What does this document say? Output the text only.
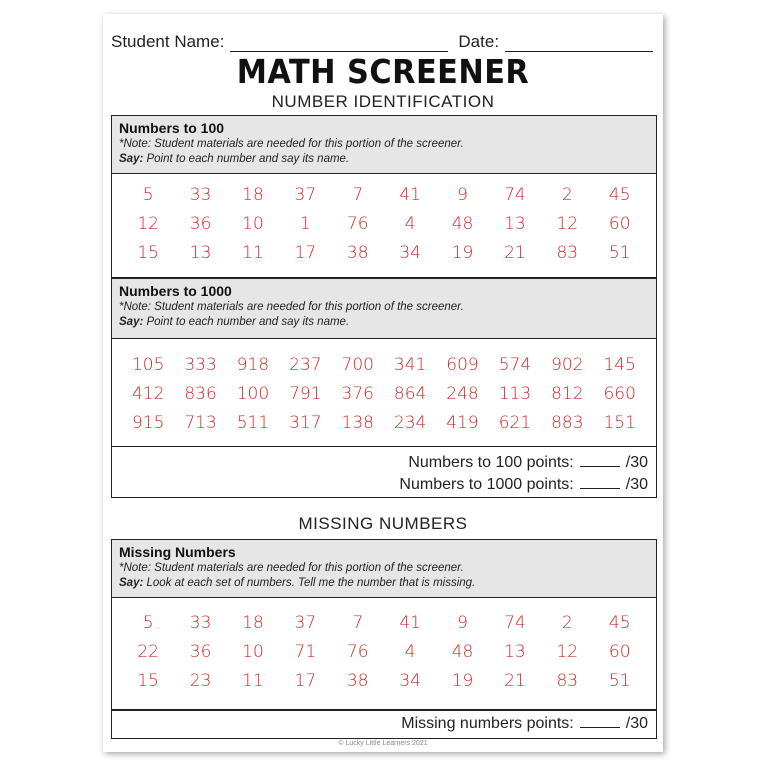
Student Name:	Date:
MATH SCREENER
NUMBER IDENTIFICATION
Numbers to 100
*Note: Student materials are needed for this portion of the screener.
Say: Point to each number and say its name.
5	33	18	37	7	41	9	74	2	45
12	36	10	1	76	4	48	13	12	60
15	13	11	17	38	34	19	21	83	51
Numbers to 1000
*Note: Student materials are needed for this portion of the screener.
Say: Point to each number and say its name.
105	333	918	237	700	341	609	574	902	145
412	836	100	791	376	864	248	113	812	660
915	713	511	317	138	234	419	621	883	151
Numbers to 100 points:	/30
Numbers to 1000 points:	/30
MISSING NUMBERS
Missing Numbers
*Note: Student materials are needed for this portion of the screener.
Say: Look at each set of numbers. Tell me the number that is missing.
5	33	18	37	7	41	9	74	2	45
22	36	10	71	76	4	48	13	12	60
15	23	11	17	38	34	19	21	83	51
Missing numbers points:	/30
© Lucky Little Learners 2021
